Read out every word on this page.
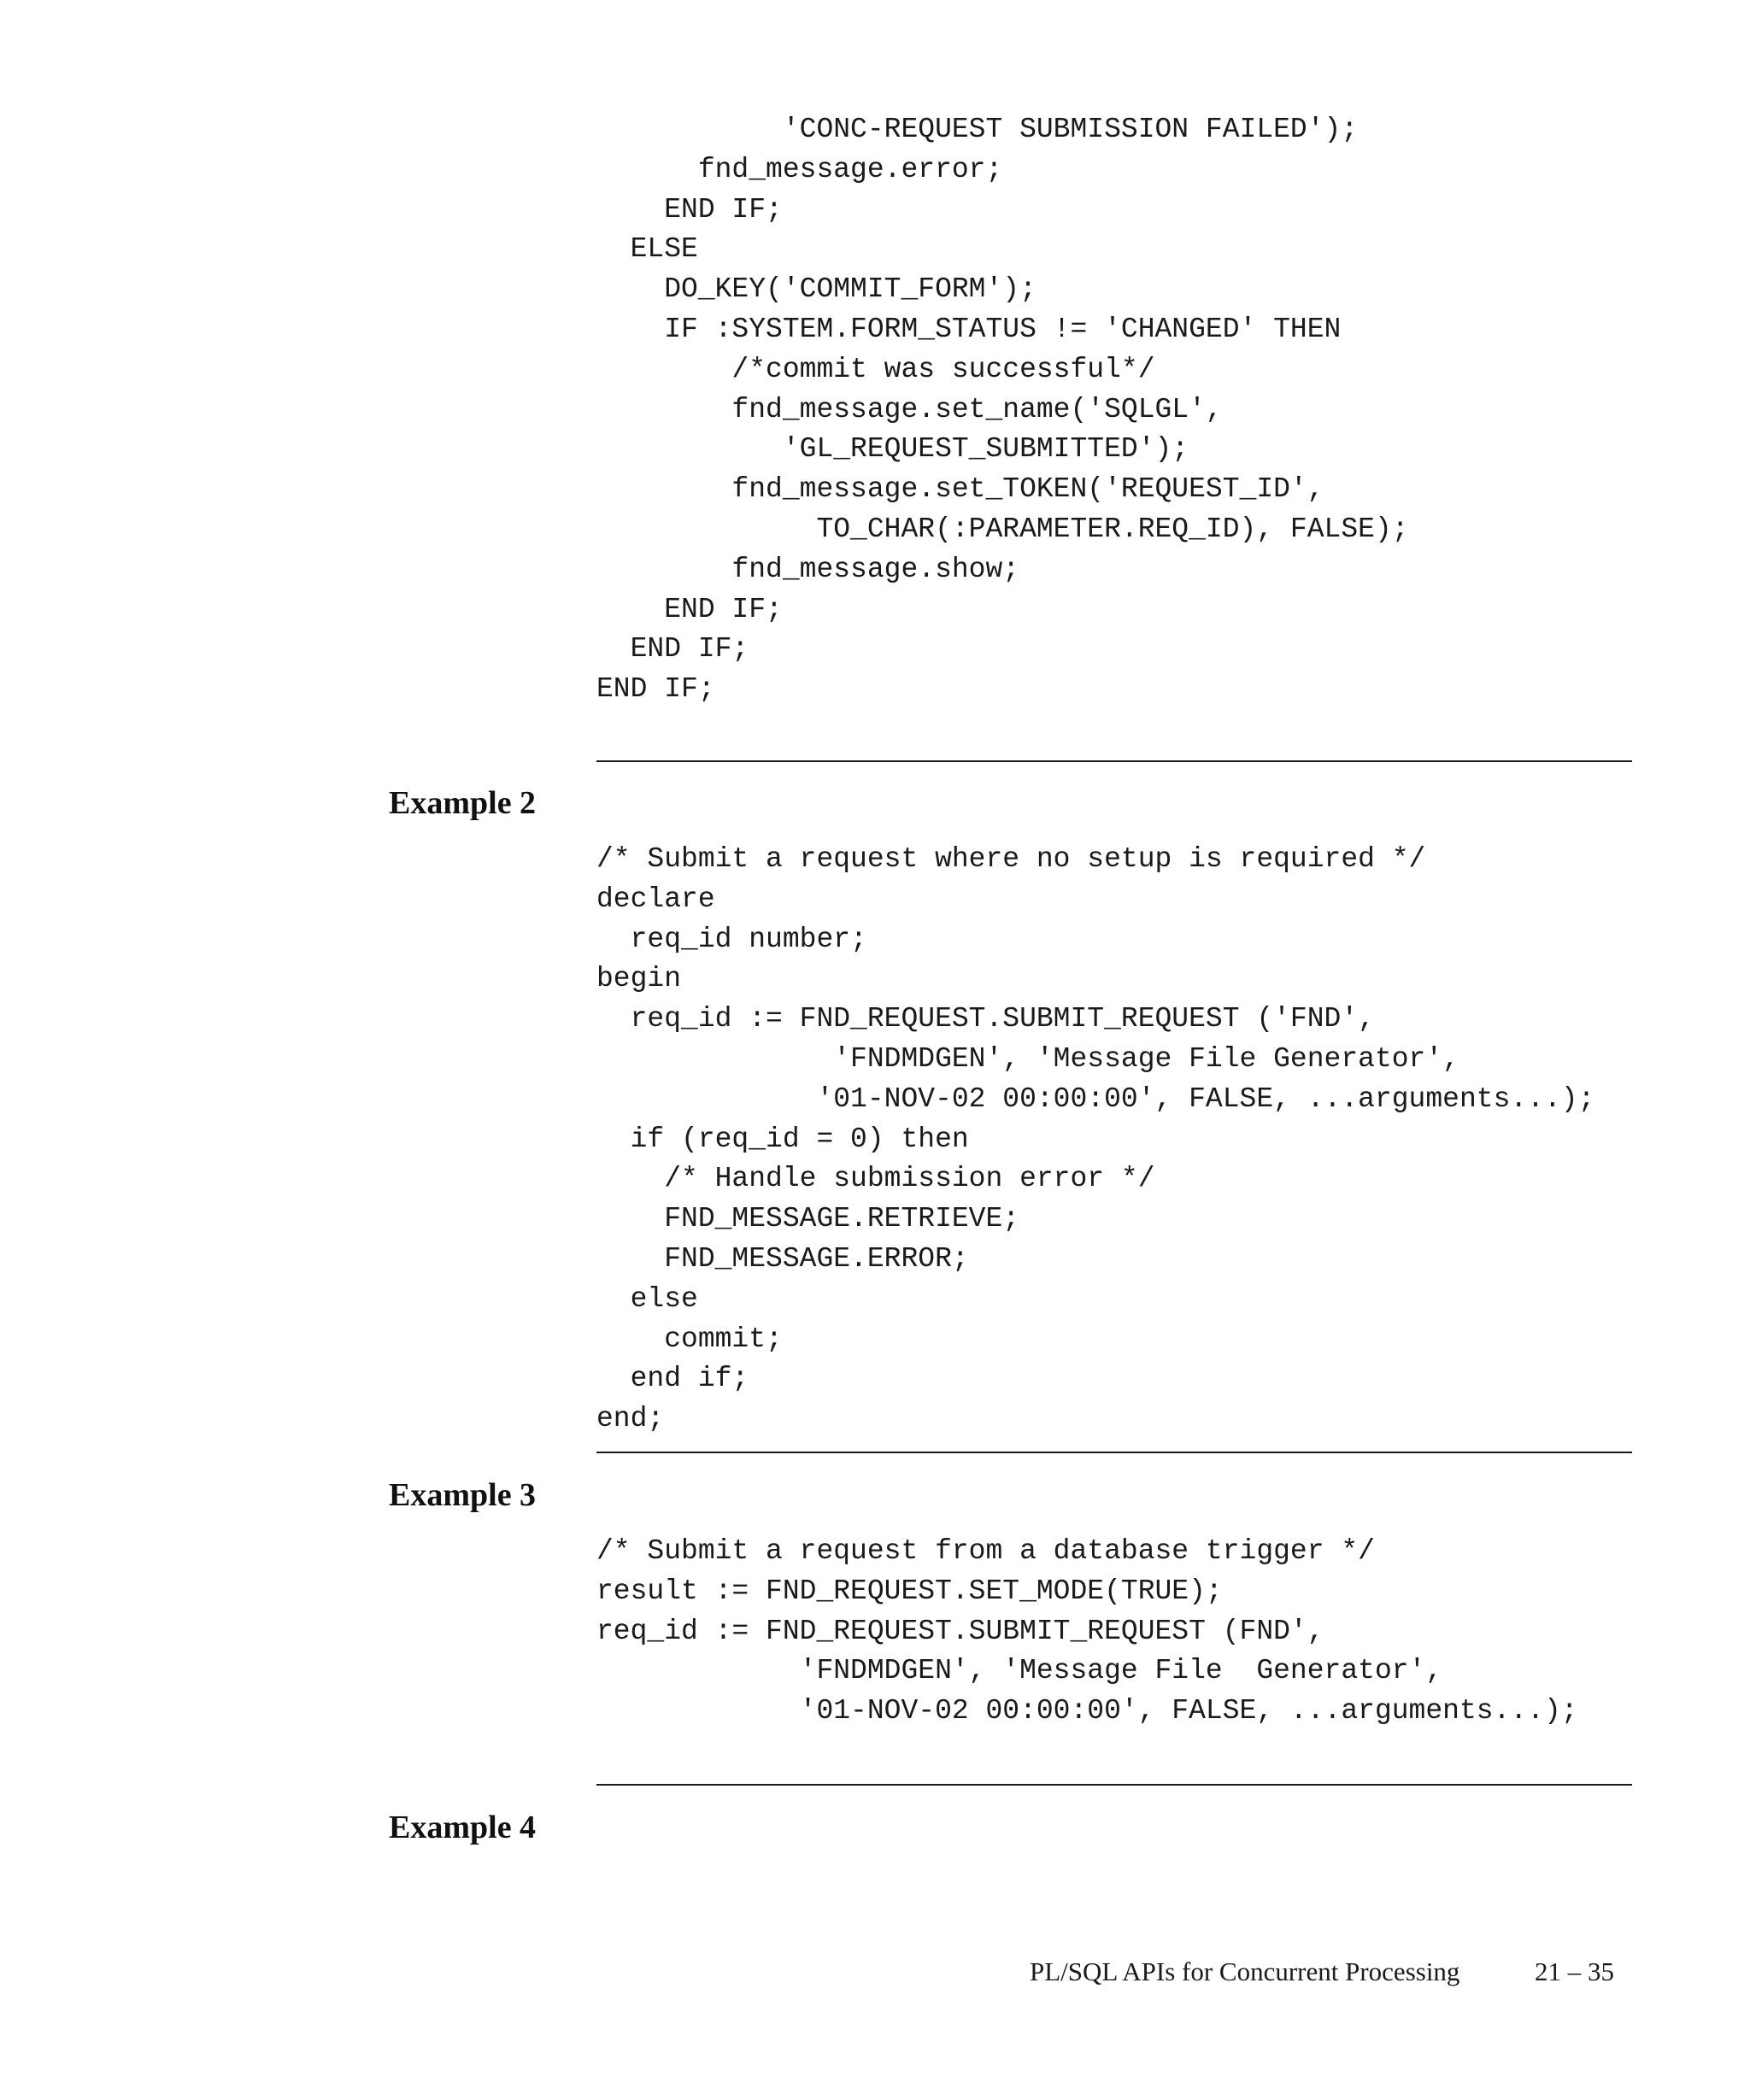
'CONC-REQUEST SUBMISSION FAILED');
fnd_message.error;
END IF;
ELSE
DO_KEY('COMMIT_FORM');
IF :SYSTEM.FORM_STATUS != 'CHANGED' THEN
/*commit was successful*/
fnd_message.set_name('SQLGL',
'GL_REQUEST_SUBMITTED');
fnd_message.set_TOKEN('REQUEST_ID',
TO_CHAR(:PARAMETER.REQ_ID), FALSE);
fnd_message.show;
END IF;
END IF;
END IF;
Example 2
/* Submit a request where no setup is required */
declare
req_id number;
begin
req_id := FND_REQUEST.SUBMIT_REQUEST ('FND',
'FNDMDGEN', 'Message File Generator',
'01-NOV-02 00:00:00', FALSE, ...arguments...);
if (req_id = 0) then
/* Handle submission error */
FND_MESSAGE.RETRIEVE;
FND_MESSAGE.ERROR;
else
commit;
end if;
end;
Example 3
/* Submit a request from a database trigger */
result := FND_REQUEST.SET_MODE(TRUE);
req_id := FND_REQUEST.SUBMIT_REQUEST (FND',
'FNDMDGEN', 'Message File  Generator',
'01-NOV-02 00:00:00', FALSE, ...arguments...);
Example 4
PL/SQL APIs for Concurrent Processing	21 – 35
